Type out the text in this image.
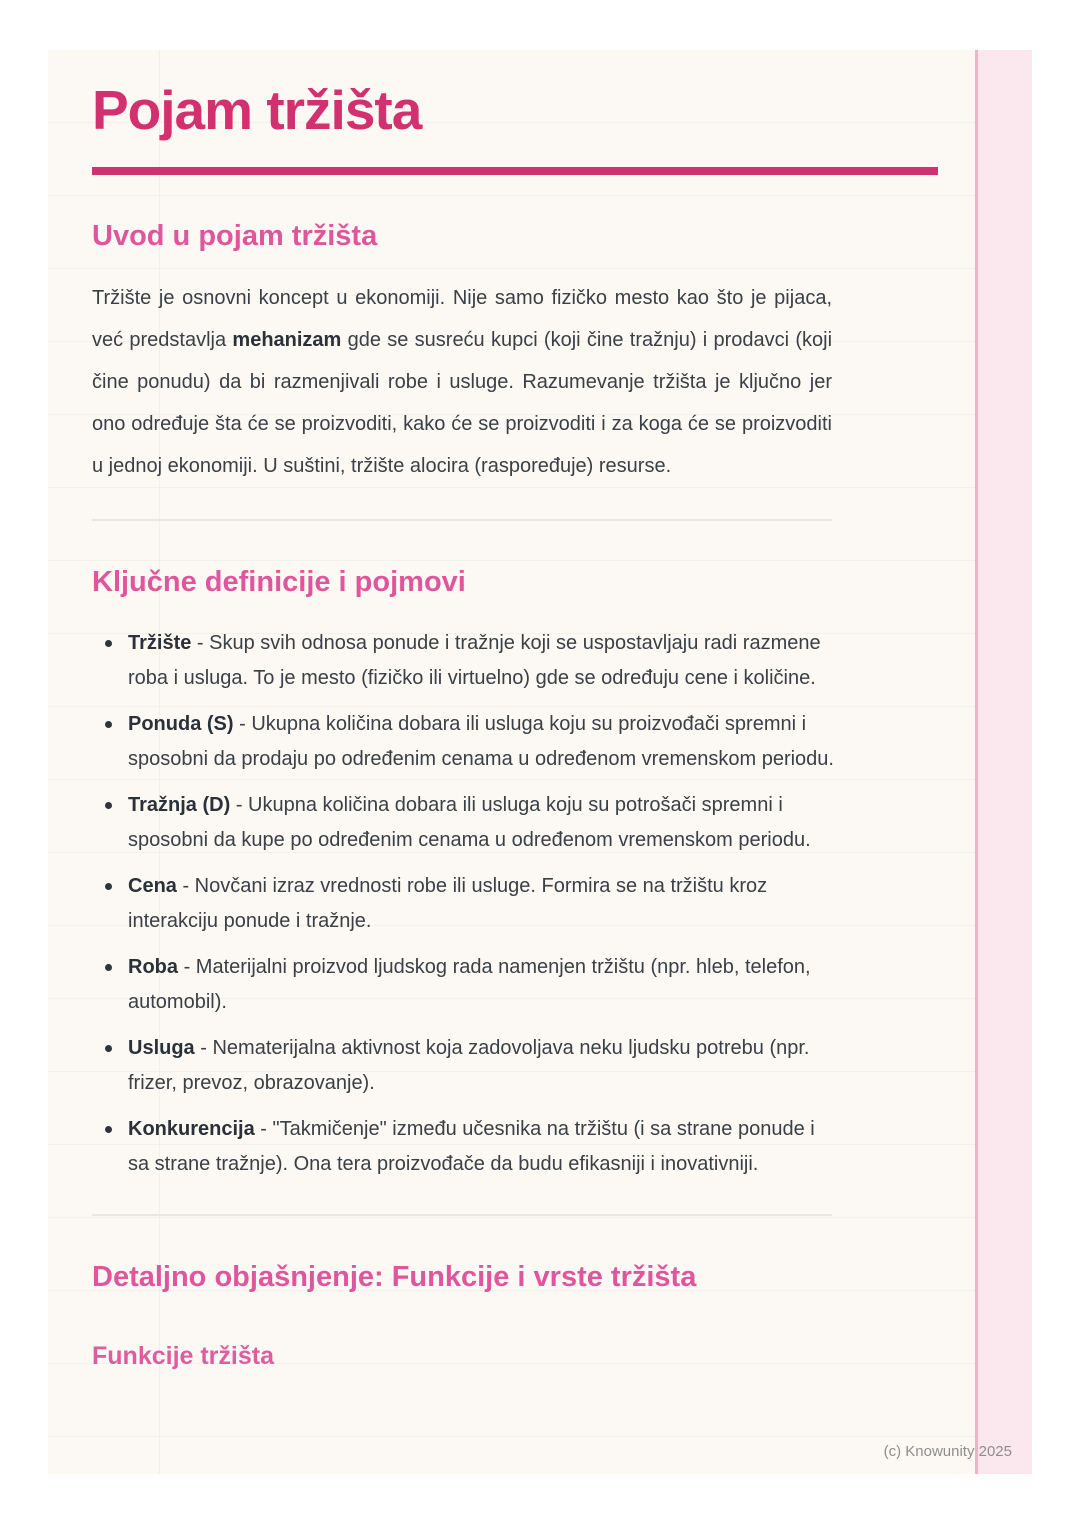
Pojam tržišta
Uvod u pojam tržišta

Tržište je osnovni koncept u ekonomiji. Nije samo fizičko mesto kao što je pijaca, već predstavlja mehanizam gde se susreću kupci (koji čine tražnju) i prodavci (koji čine ponudu) da bi razmenjivali robe i usluge. Razumevanje tržišta je ključno jer ono određuje šta će se proizvoditi, kako će se proizvoditi i za koga će se proizvoditi u jednoj ekonomiji. U suštini, tržište alocira (raspoređuje) resurse.

Ključne definicije i pojmovi
Tržište - Skup svih odnosa ponude i tražnje koji se uspostavljaju radi razmene roba i usluga. To je mesto (fizičko ili virtuelno) gde se određuju cene i količine.
Ponuda (S) - Ukupna količina dobara ili usluga koju su proizvođači spremni i sposobni da prodaju po određenim cenama u određenom vremenskom periodu.
Tražnja (D) - Ukupna količina dobara ili usluga koju su potrošači spremni i sposobni da kupe po određenim cenama u određenom vremenskom periodu.
Cena - Novčani izraz vrednosti robe ili usluge. Formira se na tržištu kroz interakciju ponude i tražnje.
Roba - Materijalni proizvod ljudskog rada namenjen tržištu (npr. hleb, telefon, automobil).
Usluga - Nematerijalna aktivnost koja zadovoljava neku ljudsku potrebu (npr. frizer, prevoz, obrazovanje).
Konkurencija - "Takmičenje" između učesnika na tržištu (i sa strane ponude i sa strane tražnje). Ona tera proizvođače da budu efikasniji i inovativniji.
Detaljno objašnjenje: Funkcije i vrste tržišta
Funkcije tržišta
(c) Knowunity 2025
